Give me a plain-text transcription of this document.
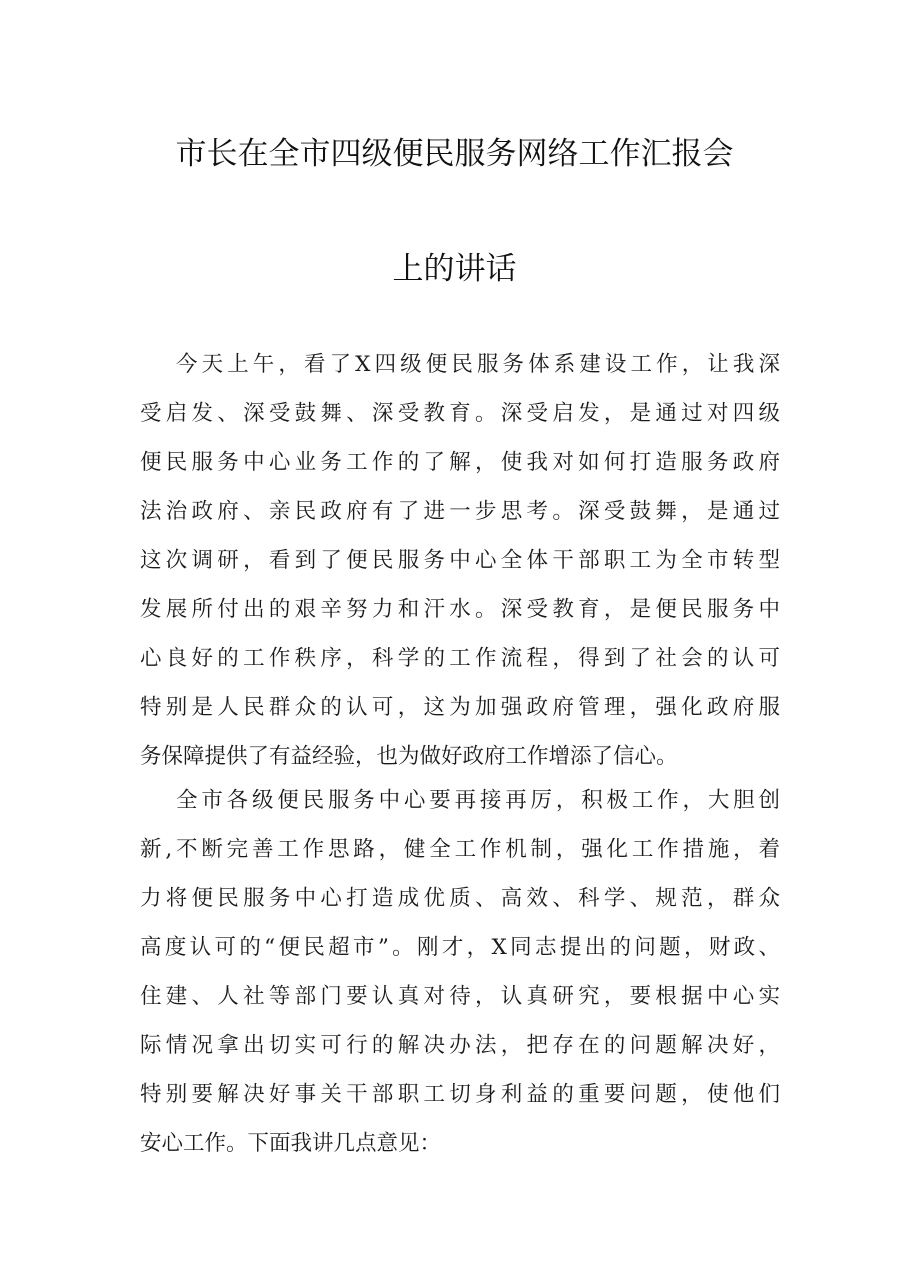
市长在全市四级便民服务网络工作汇报会
上的讲话
今天上午，看了X四级便民服务体系建设工作，让我深
受启发、深受鼓舞、深受教育。深受启发，是通过对四级
便民服务中心业务工作的了解，使我对如何打造服务政府
法治政府、亲民政府有了进一步思考。深受鼓舞，是通过
这次调研，看到了便民服务中心全体干部职工为全市转型
发展所付出的艰辛努力和汗水。深受教育，是便民服务中
心良好的工作秩序，科学的工作流程，得到了社会的认可
特别是人民群众的认可，这为加强政府管理，强化政府服
务保障提供了有益经验，也为做好政府工作增添了信心。
全市各级便民服务中心要再接再厉，积极工作，大胆创
新,不断完善工作思路，健全工作机制，强化工作措施，着
力将便民服务中心打造成优质、高效、科学、规范，群众
高度认可的“便民超市”。刚才，X同志提出的问题，财政、
住建、人社等部门要认真对待，认真研究，要根据中心实
际情况拿出切实可行的解决办法，把存在的问题解决好，
特别要解决好事关干部职工切身利益的重要问题，使他们
安心工作。下面我讲几点意见：
